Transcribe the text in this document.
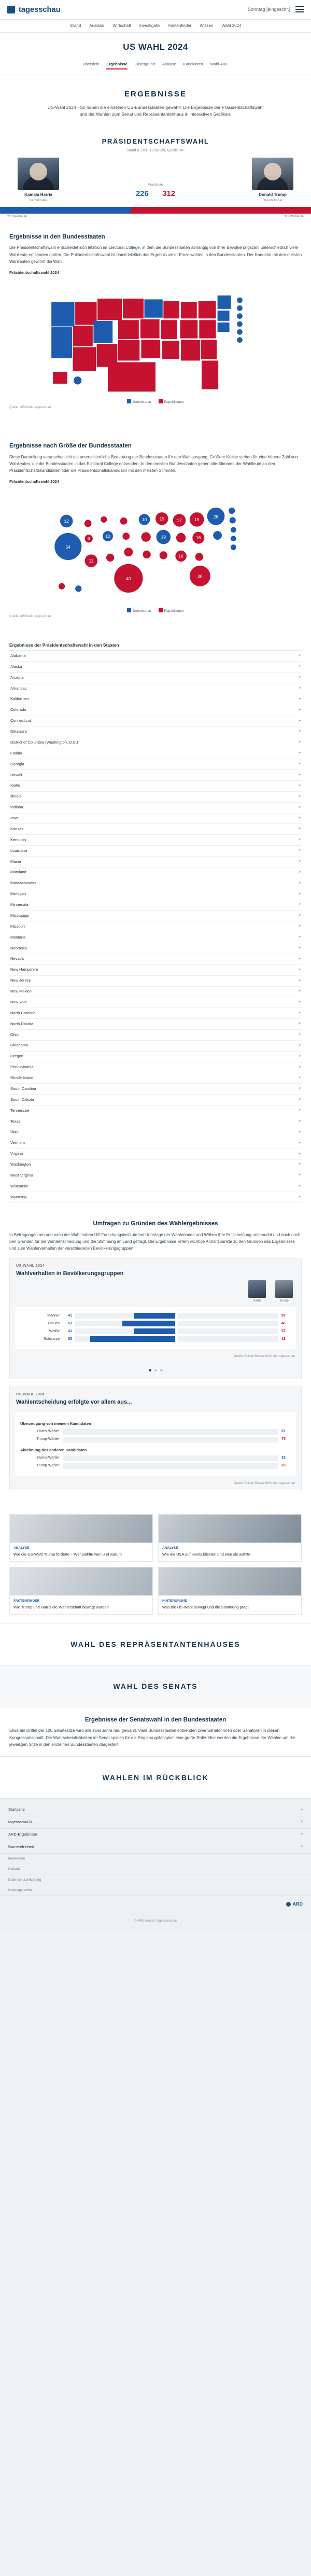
tagesschau	Sonntag [eingeschr.]
Inland Ausland Wirtschaft Investigativ Faktenfinder Wissen Wahl 2024
US WAHL 2024
Übersicht Ergebnisse Hintergrund Analyse Kandidaten Wahl-ABC
ERGEBNISSE
US-Wahl 2024 - So haben die einzelnen US-Bundesstaaten gewählt. Die Ergebnisse der Präsidentschaftswahl und der Wahlen zum Senat und Repräsentantenhaus in interaktiven Grafiken.
PRÄSIDENTSCHAFTSWAHL
Stand 8. Dez, 12:58 Uhr, Quelle: AP
Kamala Harris
Demokraten
Wahlleute
226 312	Donald Trump
Republikaner
226 Wahlleute	312 Wahlleute
Ergebnisse in den Bundesstaaten
Die Präsidentschaftswahl entscheidet sich letztlich im Electoral College, in dem die Bundesstaaten abhängig von ihrer Bevölkerungszahl unterschiedlich viele Wahlleute entsenden dürfen. Die Präsidentschaftswahl ist damit letztlich das Ergebnis vieler Einzelwahlen in den Bundesstaaten. Der Kandidat mit den meisten Wahlleuten gewinnt die Wahl.
Präsidentschaftswahl 2024
Demokraten	Republikaner
Quelle: AP/Grafik: tagesschau
Ergebnisse nach Größe der Bundesstaaten
Diese Darstellung veranschaulicht die unterschiedliche Bedeutung der Bundesstaaten für den Wahlausgang. Größere Kreise stehen für eine höhere Zahl von Wahlleuten, die die Bundesstaaten in das Electoral College entsenden. In den meisten Bundesstaaten gehen alle Stimmen der Wahlleute an den Präsidentschaftskandidaten oder die Präsidentschaftskandidatin mit den meisten Stimmen.
Präsidentschaftswahl 2024
54
12
6	10
11
40
10 15
19
17
16
19
16
30
28
Demokraten	Republikaner
Quelle: AP/Grafik: tagesschau
Ergebnisse der Präsidentschaftswahl in den Staaten
Alabama	▾
Alaska	▾
Arizona	▾
Arkansas	▾
Kalifornien	▾
Colorado	▾
Connecticut	▾
Delaware	▾
District of Columbia (Washington, D.C.)	▾
Florida	▾
Georgia	▾
Hawaii	▾
Idaho	▾
Illinois	▾
Indiana	▾
Iowa	▾
Kansas	▾
Kentucky	▾
Louisiana	▾
Maine	▾
Maryland	▾
Massachusetts	▾
Michigan	▾
Minnesota	▾
Mississippi	▾
Missouri	▾
Montana	▾
Nebraska	▾
Nevada	▾
New Hampshire	▾
New Jersey	▾
New Mexico	▾
New York	▾
North Carolina	▾
North Dakota	▾
Ohio	▾
Oklahoma	▾
Oregon	▾
Pennsylvania	▾
Rhode Island	▾
South Carolina	▾
South Dakota	▾
Tennessee	▾
Texas	▾
Utah	▾
Vermont	▾
Virginia	▾
Washington	▾
West Virginia	▾
Wisconsin	▾
Wyoming	▾
Umfragen zu Gründen des Wahlergebnisses
In Befragungen am und nach der Wahl haben US-Forschungsinstitute bei Unterlage der Wählerinnen und Wähler ihre Entscheidung untersucht und auch nach den Gründen für die Wahlentscheidung und die Stimmung im Land gefragt. Die Ergebnisse liefern wichtige Anhaltspunkte zu den Gründen des Ergebnisses und zum Wählerverhalten der verschiedenen Bevölkerungsgruppen.
US-WAHL 2024
Wahlverhalten in Bevölkerungsgruppen
Harris	Trump
Männer	41	57
Frauen	53	45
Weiße	41	57
Schwarze	85	13
Quelle: Edison Research/Grafik: tagesschau
US-WAHL 2024
Wahlentscheidung erfolgte vor allem aus...
Überzeugung von meinem Kandidaten
Harris-Wähler	67
Trump-Wähler	75
Ablehnung des anderen Kandidaten
Harris-Wähler	32
Trump-Wähler	23
Quelle: Edison Research/Grafik: tagesschau
ANALYSE
Wie die US-Wahl Trump förderte – Wer wählte wen und warum
ANALYSE
Wie die USA auf Harris blickten und wen sie wählte
FAKTENFINDER
Wie Trump und Harris die Wählerschaft bewegt wurden
HINTERGRUND
Was die US-Wahl bewegt und die Stimmung prägt
WAHL DES REPRÄSENTANTENHAUSES
WAHL DES SENATS
Ergebnisse der Senatswahl in den Bundesstaaten
Etwa ein Drittel der 100 Senatssitze wird alle zwei Jahre neu gewählt. Viele Bundesstaaten entsenden zwei Senatorinnen oder Senatoren in diesen Kongressabschnitt. Die Wahrscheinlichkeiten im Senat spielen für die Regierungsfähigkeit eine große Rolle. Hier werden die Ergebnisse der Wahlen um die jeweiligen Sitze in den einzelnen Bundesstaaten dargestellt.
WAHLEN IM RÜCKBLICK
Startseite	▾
tagesschau24	▾
ARD-Ergebnisse	▾
Barrierefreiheit	▾
Impressum
Kontakt
Datenschutzerklärung
Nutzungsrechte
ARD
© ARD-aktuell / tagesschau.de
